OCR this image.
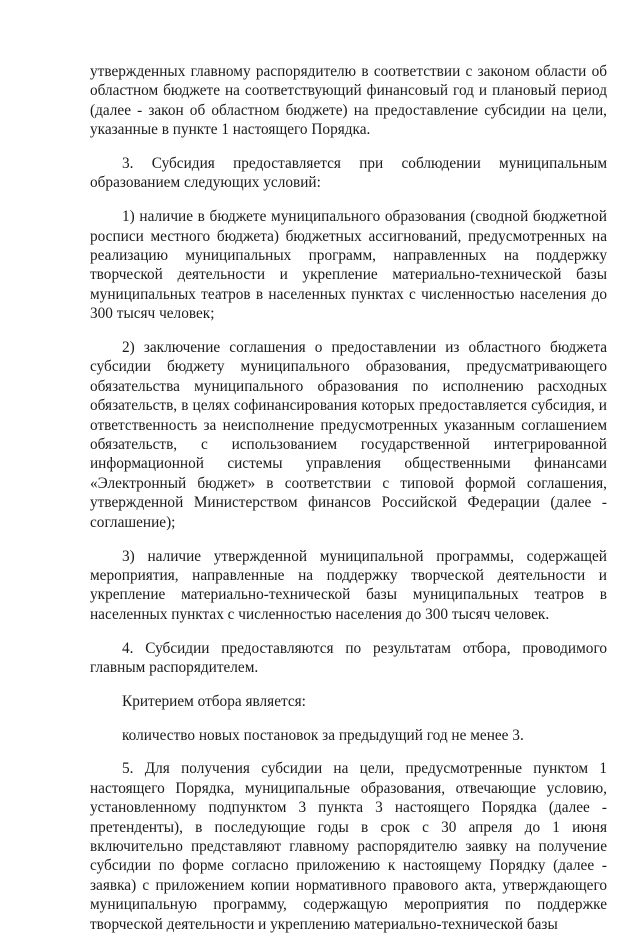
утвержденных главному распорядителю в соответствии с законом области об областном бюджете на соответствующий финансовый год и плановый период (далее - закон об областном бюджете) на предоставление субсидии на цели, указанные в пункте 1 настоящего Порядка.

3. Субсидия предоставляется при соблюдении муниципальным образованием следующих условий:

1) наличие в бюджете муниципального образования (сводной бюджетной росписи местного бюджета) бюджетных ассигнований, предусмотренных на реализацию муниципальных программ, направленных на поддержку творческой деятельности и укрепление материально-технической базы муниципальных театров в населенных пунктах с численностью населения до 300 тысяч человек;

2) заключение соглашения о предоставлении из областного бюджета субсидии бюджету муниципального образования, предусматривающего обязательства муниципального образования по исполнению расходных обязательств, в целях софинансирования которых предоставляется субсидия, и ответственность за неисполнение предусмотренных указанным соглашением обязательств, с использованием государственной интегрированной информационной системы управления общественными финансами «Электронный бюджет» в соответствии с типовой формой соглашения, утвержденной Министерством финансов Российской Федерации (далее - соглашение);

3) наличие утвержденной муниципальной программы, содержащей мероприятия, направленные на поддержку творческой деятельности и укрепление материально-технической базы муниципальных театров в населенных пунктах с численностью населения до 300 тысяч человек.

4. Субсидии предоставляются по результатам отбора, проводимого главным распорядителем.

Критерием отбора является:

количество новых постановок за предыдущий год не менее 3.

5. Для получения субсидии на цели, предусмотренные пунктом 1 настоящего Порядка, муниципальные образования, отвечающие условию, установленному подпунктом 3 пункта 3 настоящего Порядка (далее - претенденты), в последующие годы в срок с 30 апреля до 1 июня включительно представляют главному распорядителю заявку на получение субсидии по форме согласно приложению к настоящему Порядку (далее - заявка) с приложением копии нормативного правового акта, утверждающего муниципальную программу, содержащую мероприятия по поддержке творческой деятельности и укреплению материально-технической базы
